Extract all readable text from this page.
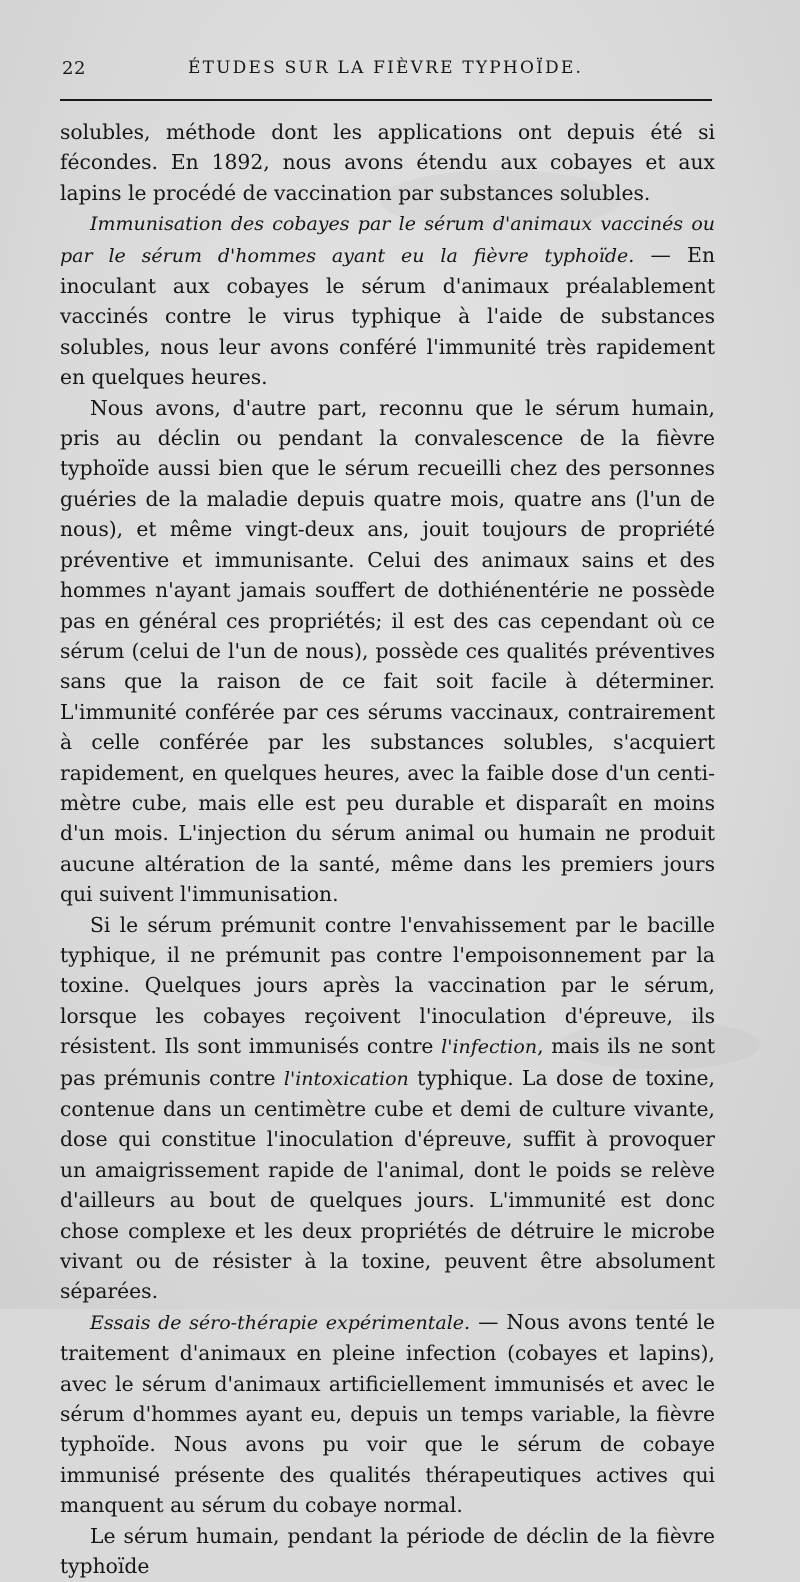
22	ÉTUDES SUR LA FIÈVRE TYPHOÏDE.

solubles, méthode dont les applications ont depuis été si fécondes. En 1892, nous avons étendu aux cobayes et aux lapins le procédé de vaccination par substances solubles.

Immunisation des cobayes par le sérum d'animaux vaccinés ou par le sérum d'hommes ayant eu la fièvre typhoïde. — En inoculant aux cobayes le sérum d'animaux préalablement vaccinés contre le virus typhique à l'aide de substances solubles, nous leur avons conféré l'immunité très rapidement en quelques heures.

Nous avons, d'autre part, reconnu que le sérum humain, pris au déclin ou pendant la convalescence de la fièvre typhoïde aussi bien que le sérum recueilli chez des personnes guéries de la maladie depuis quatre mois, quatre ans (l'un de nous), et même vingt-deux ans, jouit toujours de propriété préventive et immunisante. Celui des animaux sains et des hommes n'ayant jamais souffert de dothiénentérie ne possède pas en général ces propriétés; il est des cas cependant où ce sérum (celui de l'un de nous), possède ces qualités préventives sans que la raison de ce fait soit facile à déterminer. L'immunité conférée par ces sérums vaccinaux, contrairement à celle conférée par les substances solubles, s'acquiert rapidement, en quelques heures, avec la faible dose d'un centimètre cube, mais elle est peu durable et disparaît en moins d'un mois. L'injection du sérum animal ou humain ne produit aucune altération de la santé, même dans les premiers jours qui suivent l'immunisation.

Si le sérum prémunit contre l'envahissement par le bacille typhique, il ne prémunit pas contre l'empoisonnement par la toxine. Quelques jours après la vaccination par le sérum, lorsque les cobayes reçoivent l'inoculation d'épreuve, ils résistent. Ils sont immunisés contre l'infection, mais ils ne sont pas prémunis contre l'intoxication typhique. La dose de toxine, contenue dans un centimètre cube et demi de culture vivante, dose qui constitue l'inoculation d'épreuve, suffit à provoquer un amaigrissement rapide de l'animal, dont le poids se relève d'ailleurs au bout de quelques jours. L'immunité est donc chose complexe et les deux propriétés de détruire le microbe vivant ou de résister à la toxine, peuvent être absolument séparées.

Essais de séro-thérapie expérimentale. — Nous avons tenté le traitement d'animaux en pleine infection (cobayes et lapins), avec le sérum d'animaux artificiellement immunisés et avec le sérum d'hommes ayant eu, depuis un temps variable, la fièvre typhoïde. Nous avons pu voir que le sérum de cobaye immunisé présente des qualités thérapeutiques actives qui manquent au sérum du cobaye normal.

Le sérum humain, pendant la période de déclin de la fièvre typhoïde
